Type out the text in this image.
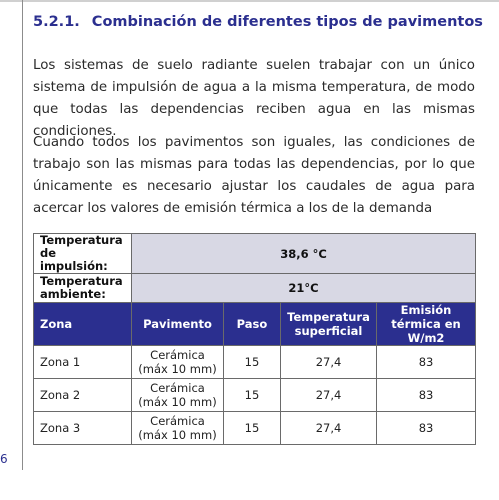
6
5.2.1. Combinación de diferentes tipos de pavimentos

Los sistemas de suelo radiante suelen trabajar con un único sistema de impulsión de agua a la misma temperatura, de modo que todas las dependencias reciben agua en las mismas condiciones.

Cuando todos los pavimentos son iguales, las condiciones de trabajo son las mismas para todas las dependencias, por lo que únicamente es necesario ajustar los caudales de agua para acercar los valores de emisión térmica a los de la demanda

Temperatura de impulsión:	38,6 °C			
Temperatura ambiente:	21°C			
Zona	Pavimento	Paso	Temperatura superficial	Emisión térmica en W/m2
Zona 1	Cerámica (máx 10 mm)	15	27,4	83
Zona 2	Cerámica (máx 10 mm)	15	27,4	83
Zona 3	Cerámica (máx 10 mm)	15	27,4	83
